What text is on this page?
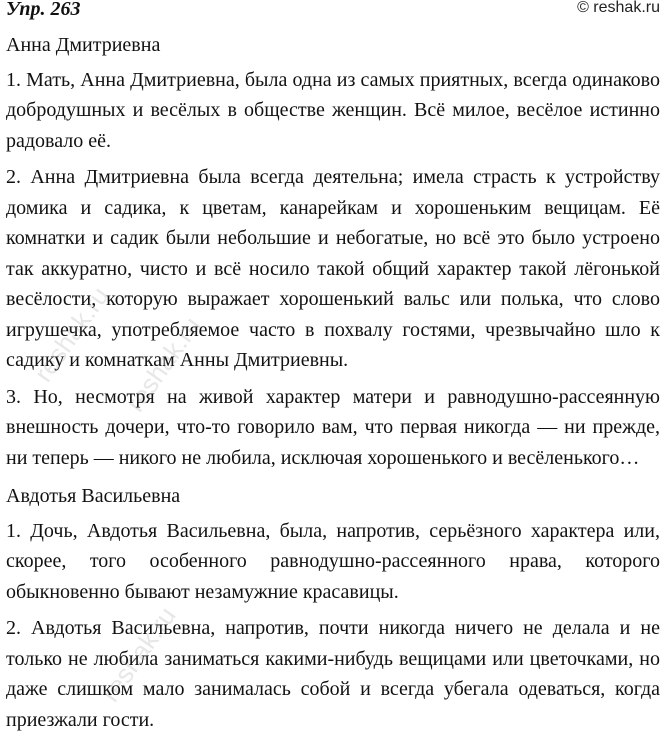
Упр. 263	© reshak.ru
Анна Дмитриевна

1. Мать, Анна Дмитриевна, была одна из самых приятных, всегда одинаково добродушных и весёлых в обществе женщин. Всё милое, весёлое истинно радовало её.

2. Анна Дмитриевна была всегда деятельна; имела страсть к устройству домика и садика, к цветам, канарейкам и хорошеньким вещицам. Её комнатки и садик были небольшие и небогатые, но всё это было устроено так аккуратно, чисто и всё носило такой общий характер такой лёгонькой весёлости, которую выражает хорошенький вальс или полька, что слово игрушечка, употребляемое часто в похвалу гостями, чрезвычайно шло к садику и комнаткам Анны Дмитриевны.

3. Но, несмотря на живой характер матери и равнодушно-рассеянную внешность дочери, что-то говорило вам, что первая никогда — ни прежде, ни теперь — никого не любила, исключая хорошенького и весёленького…

Авдотья Васильевна

1. Дочь, Авдотья Васильевна, была, напротив, серьёзного характера или, скорее, того особенного равнодушно-рассеянного нрава, которого обыкновенно бывают незамужние красавицы.

2. Авдотья Васильевна, напротив, почти никогда ничего не делала и не только не любила заниматься какими-нибудь вещицами или цветочками, но даже слишком мало занималась собой и всегда убегала одеваться, когда приезжали гости.

reshak.ru reshak.ru
reshak.ru
